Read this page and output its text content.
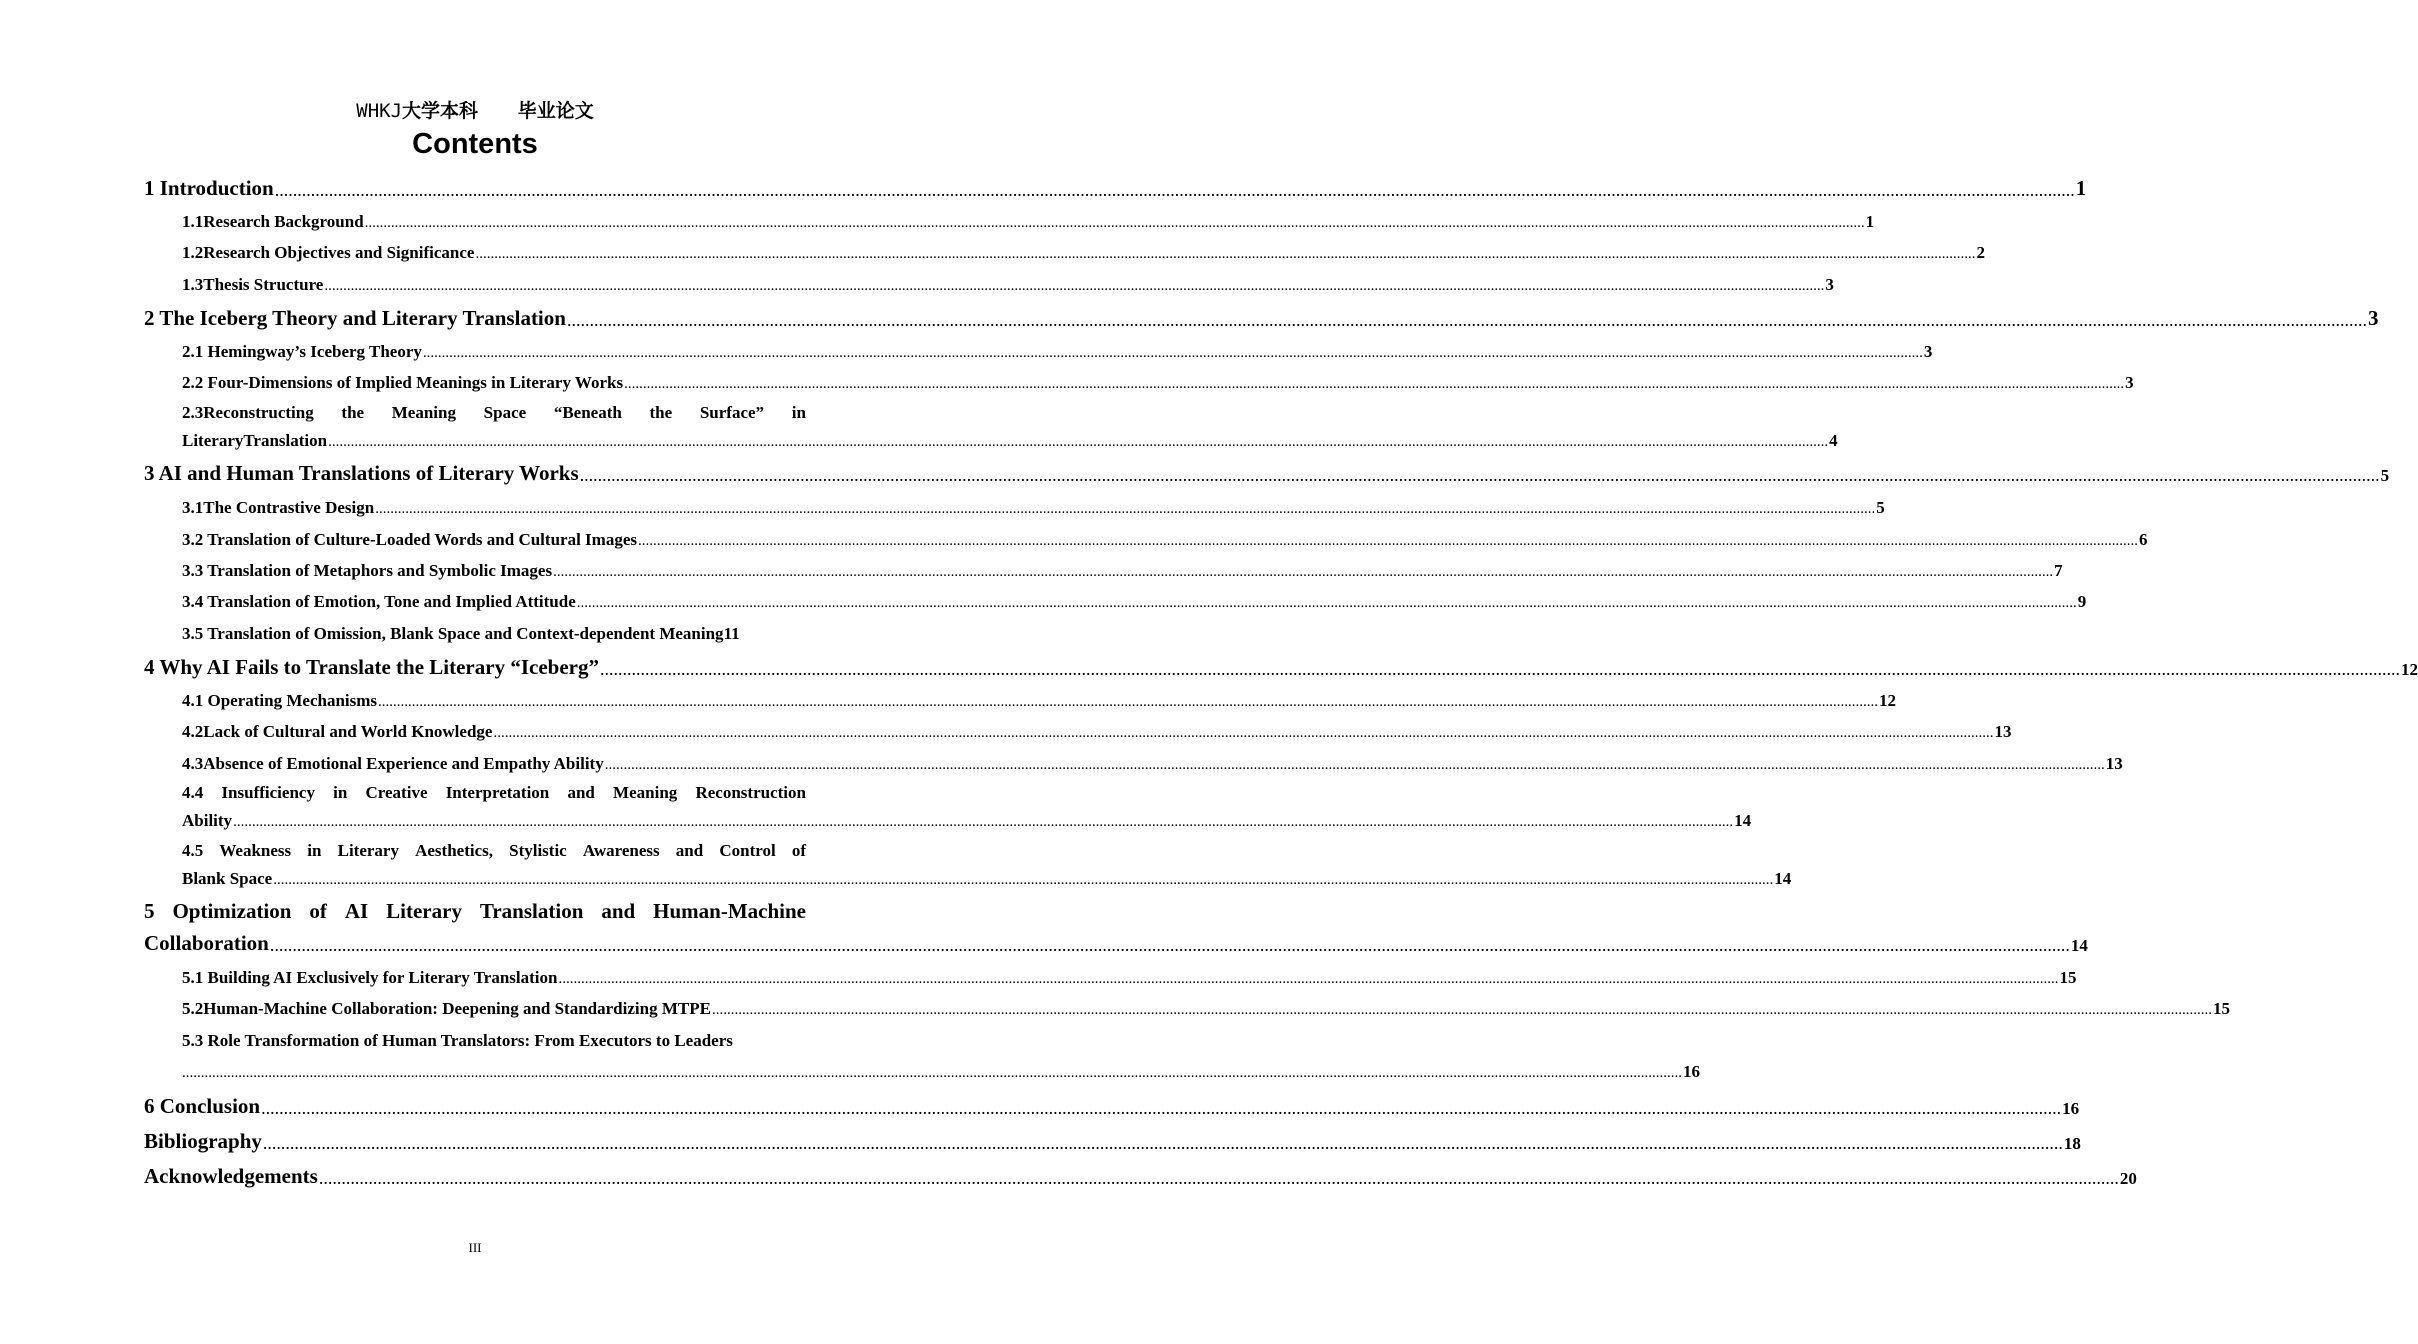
WHKJ大学本科 毕业论文
Contents
1 Introduction ................................................................................................................................................................................................................................................................................................................................................................................................................ 1
1.1Research Background ................................................................................................................................................................................................................................................................................................................................................................................................................ 1
1.2Research Objectives and Significance ................................................................................................................................................................................................................................................................................................................................................................................................................ 2
1.3Thesis Structure ................................................................................................................................................................................................................................................................................................................................................................................................................ 3
2 The Iceberg Theory and Literary Translation ................................................................................................................................................................................................................................................................................................................................................................................................................ 3
2.1 Hemingway’s Iceberg Theory ................................................................................................................................................................................................................................................................................................................................................................................................................ 3
2.2 Four-Dimensions of Implied Meanings in Literary Works ................................................................................................................................................................................................................................................................................................................................................................................................................ 3
2.3Reconstructing the Meaning Space “Beneath the Surface” in
LiteraryTranslation ................................................................................................................................................................................................................................................................................................................................................................................................................ 4
3 AI and Human Translations of Literary Works ................................................................................................................................................................................................................................................................................................................................................................................................................ 5
3.1The Contrastive Design ................................................................................................................................................................................................................................................................................................................................................................................................................ 5
3.2 Translation of Culture-Loaded Words and Cultural Images ................................................................................................................................................................................................................................................................................................................................................................................................................ 6
3.3 Translation of Metaphors and Symbolic Images ................................................................................................................................................................................................................................................................................................................................................................................................................ 7
3.4 Translation of Emotion, Tone and Implied Attitude ................................................................................................................................................................................................................................................................................................................................................................................................................ 9
3.5 Translation of Omission, Blank Space and Context-dependent Meaning 11
4 Why AI Fails to Translate the Literary “Iceberg” ................................................................................................................................................................................................................................................................................................................................................................................................................ 12
4.1 Operating Mechanisms ................................................................................................................................................................................................................................................................................................................................................................................................................ 12
4.2Lack of Cultural and World Knowledge ................................................................................................................................................................................................................................................................................................................................................................................................................ 13
4.3Absence of Emotional Experience and Empathy Ability ................................................................................................................................................................................................................................................................................................................................................................................................................ 13
4.4 Insufficiency in Creative Interpretation and Meaning Reconstruction
Ability ................................................................................................................................................................................................................................................................................................................................................................................................................ 14
4.5 Weakness in Literary Aesthetics, Stylistic Awareness and Control of
Blank Space ................................................................................................................................................................................................................................................................................................................................................................................................................ 14
5 Optimization of AI Literary Translation and Human-Machine
Collaboration ................................................................................................................................................................................................................................................................................................................................................................................................................ 14
5.1 Building AI Exclusively for Literary Translation ................................................................................................................................................................................................................................................................................................................................................................................................................ 15
5.2Human-Machine Collaboration: Deepening and Standardizing MTPE ................................................................................................................................................................................................................................................................................................................................................................................................................ 15
5.3 Role Transformation of Human Translators: From Executors to Leaders
................................................................................................................................................................................................................................................................................................................................................................................................................ 16
6 Conclusion ................................................................................................................................................................................................................................................................................................................................................................................................................ 16
Bibliography ................................................................................................................................................................................................................................................................................................................................................................................................................ 18
Acknowledgements ................................................................................................................................................................................................................................................................................................................................................................................................................ 20
III
